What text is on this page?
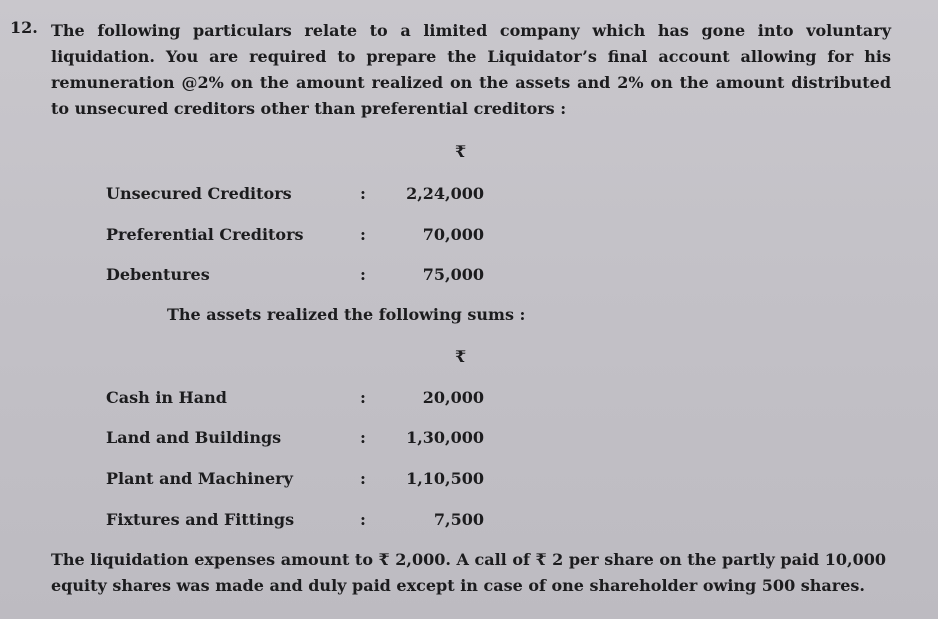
12. The following particulars relate to a limited company which has gone into voluntary liquidation. You are required to prepare the Liquidator’s final account allowing for his remuneration @2% on the amount realized on the assets and 2% on the amount distributed to unsecured creditors other than preferential creditors :

₹
Unsecured Creditors	:	2,24,000
Preferential Creditors	:	70,000
Debentures	:	75,000
The assets realized the following sums :
₹
Cash in Hand	:	20,000
Land and Buildings	:	1,30,000
Plant and Machinery	:	1,10,500
Fixtures and Fittings	:	7,500

The liquidation expenses amount to ₹ 2,000. A call of ₹ 2 per share on the partly paid 10,000 equity shares was made and duly paid except in case of one shareholder owing 500 shares.
